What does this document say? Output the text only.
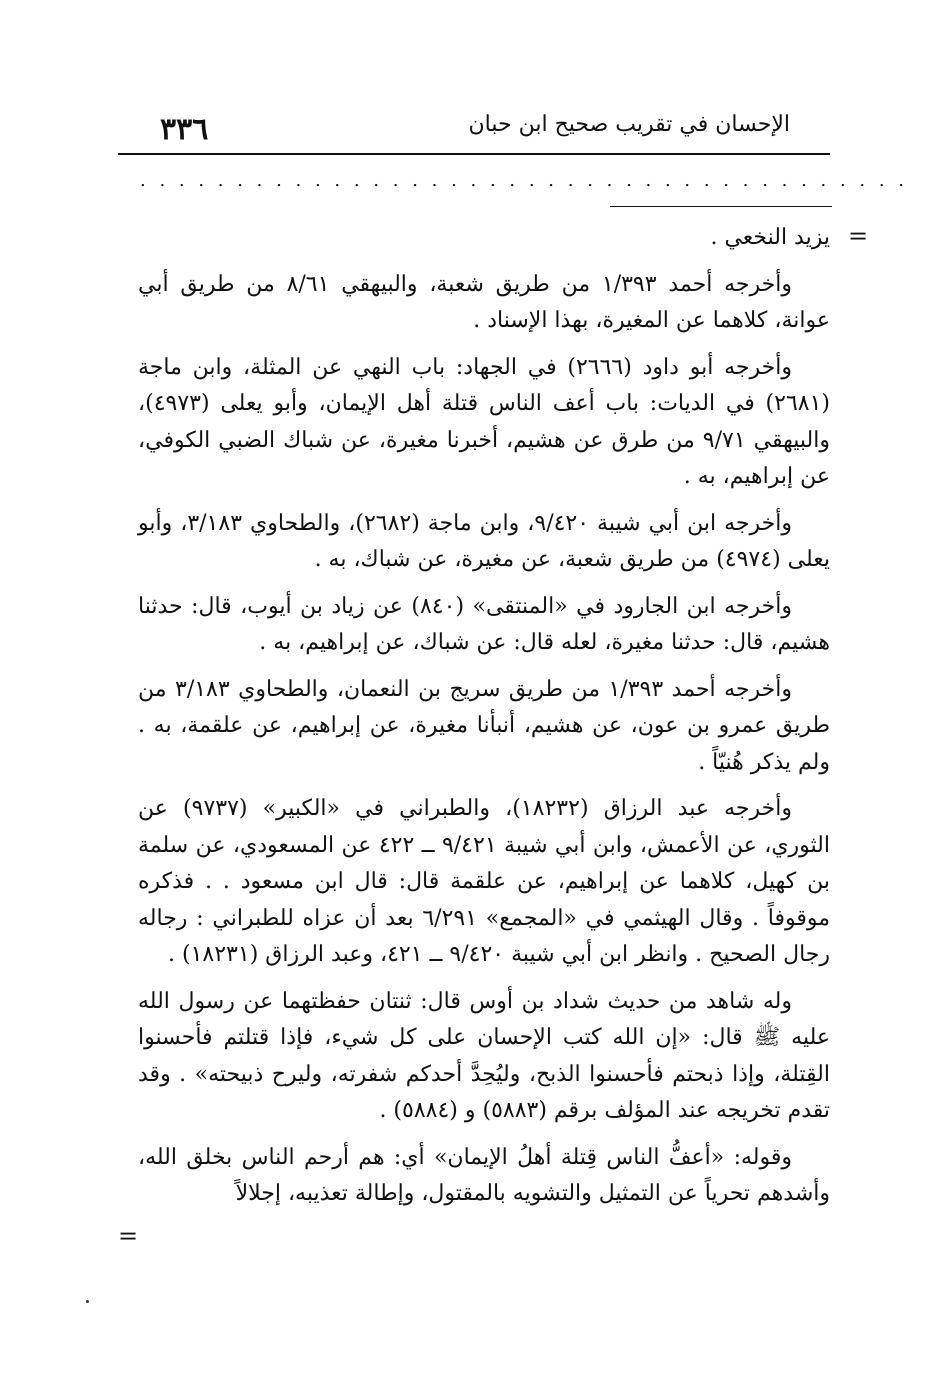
٣٣٦	الإحسان في تقريب صحيح ابن حبان
. . . . . . . . . . . . . . . . . . . . . . . . . . . . . . . . . . . . . . . .
=

يزيد النخعي .

وأخرجه أحمد ١/٣٩٣ من طريق شعبة، والبيهقي ٨/٦١ من طريق أبي عوانة، كلاهما عن المغيرة، بهذا الإسناد .

وأخرجه أبو داود (٢٦٦٦) في الجهاد: باب النهي عن المثلة، وابن ماجة (٢٦٨١) في الديات: باب أعف الناس قتلة أهل الإيمان، وأبو يعلى (٤٩٧٣)، والبيهقي ٩/٧١ من طرق عن هشيم، أخبرنا مغيرة، عن شباك الضبي الكوفي، عن إبراهيم، به .

وأخرجه ابن أبي شيبة ٩/٤٢٠، وابن ماجة (٢٦٨٢)، والطحاوي ٣/١٨٣، وأبو يعلى (٤٩٧٤) من طريق شعبة، عن مغيرة، عن شباك، به .

وأخرجه ابن الجارود في «المنتقى» (٨٤٠) عن زياد بن أيوب، قال: حدثنا هشيم، قال: حدثنا مغيرة، لعله قال: عن شباك، عن إبراهيم، به .

وأخرجه أحمد ١/٣٩٣ من طريق سريج بن النعمان، والطحاوي ٣/١٨٣ من طريق عمرو بن عون، عن هشيم، أنبأنا مغيرة، عن إبراهيم، عن علقمة، به . ولم يذكر هُنيّاً .

وأخرجه عبد الرزاق (١٨٢٣٢)، والطبراني في «الكبير» (٩٧٣٧) عن الثوري، عن الأعمش، وابن أبي شيبة ٩/٤٢١ ــ ٤٢٢ عن المسعودي، عن سلمة بن كهيل، كلاهما عن إبراهيم، عن علقمة قال: قال ابن مسعود . . فذكره موقوفاً . وقال الهيثمي في «المجمع» ٦/٢٩١ بعد أن عزاه للطبراني : رجاله رجال الصحيح . وانظر ابن أبي شيبة ٩/٤٢٠ ــ ٤٢١، وعبد الرزاق (١٨٢٣١) .

وله شاهد من حديث شداد بن أوس قال: ثنتان حفظتهما عن رسول الله عليه ﷺ قال: «إن الله كتب الإحسان على كل شيء، فإذا قتلتم فأحسنوا القِتلة، وإذا ذبحتم فأحسنوا الذبح، وليُحِدَّ أحدكم شفرته، وليرح ذبيحته» . وقد تقدم تخريجه عند المؤلف برقم (٥٨٨٣) و (٥٨٨٤) .

وقوله: «أعفُّ الناس قِتلة أهلُ الإيمان» أي: هم أرحم الناس بخلق الله، وأشدهم تحرياً عن التمثيل والتشويه بالمقتول، وإطالة تعذيبه، إجلالاً

=
